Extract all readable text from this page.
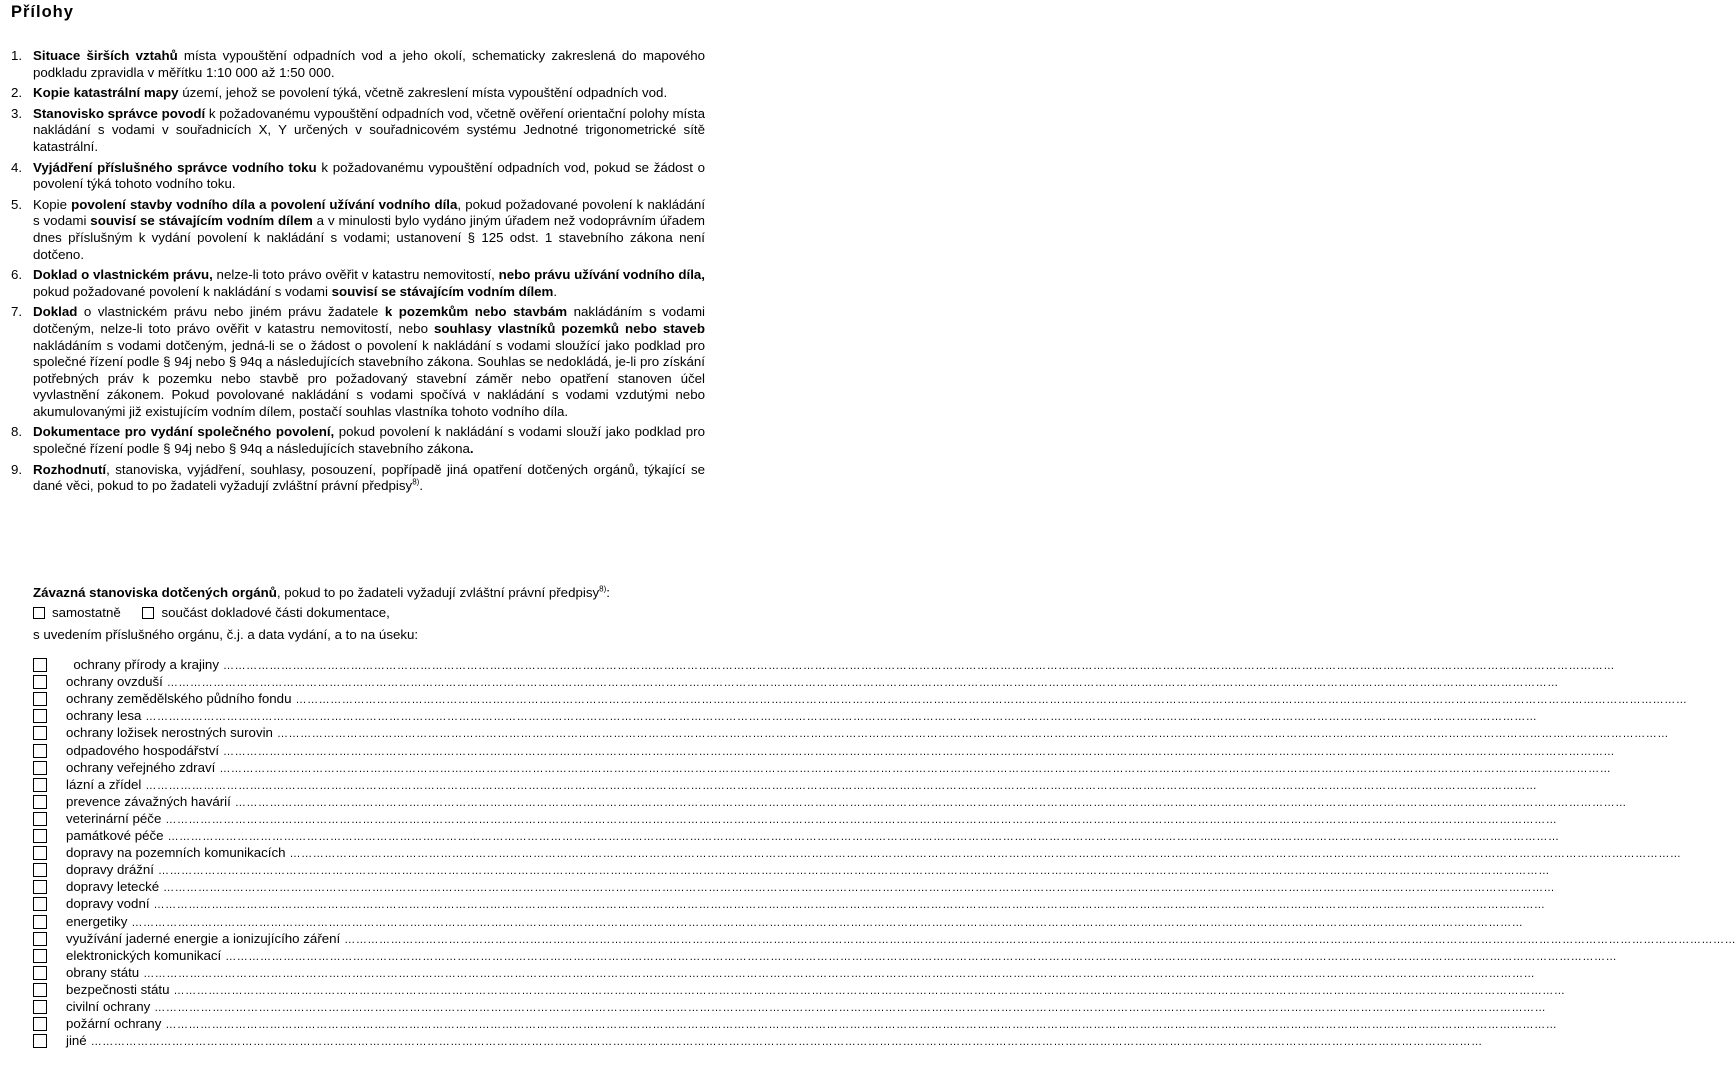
Přílohy
1. Situace širších vztahů místa vypouštění odpadních vod a jeho okolí, schematicky zakreslená do mapového podkladu zpravidla v měřítku 1:10 000 až 1:50 000.
2. Kopie katastrální mapy území, jehož se povolení týká, včetně zakreslení místa vypouštění odpadních vod.
3. Stanovisko správce povodí k požadovanému vypouštění odpadních vod, včetně ověření orientační polohy místa nakládání s vodami v souřadnicích X, Y určených v souřadnicovém systému Jednotné trigonometrické sítě katastrální.
4. Vyjádření příslušného správce vodního toku k požadovanému vypouštění odpadních vod, pokud se žádost o povolení týká tohoto vodního toku.
5. Kopie povolení stavby vodního díla a povolení užívání vodního díla, pokud požadované povolení k nakládání s vodami souvisí se stávajícím vodním dílem a v minulosti bylo vydáno jiným úřadem než vodoprávním úřadem dnes příslušným k vydání povolení k nakládání s vodami; ustanovení § 125 odst. 1 stavebního zákona není dotčeno.
6. Doklad o vlastnickém právu, nelze-li toto právo ověřit v katastru nemovitostí, nebo právu užívání vodního díla, pokud požadované povolení k nakládání s vodami souvisí se stávajícím vodním dílem.
7. Doklad o vlastnickém právu nebo jiném právu žadatele k pozemkům nebo stavbám nakládáním s vodami dotčeným, nelze-li toto právo ověřit v katastru nemovitostí, nebo souhlasy vlastníků pozemků nebo staveb nakládáním s vodami dotčeným, jedná-li se o žádost o povolení k nakládání s vodami sloužící jako podklad pro společné řízení podle § 94j nebo § 94q a následujících stavebního zákona. Souhlas se nedokládá, je-li pro získání potřebných práv k pozemku nebo stavbě pro požadovaný stavební záměr nebo opatření stanoven účel vyvlastnění zákonem. Pokud povolované nakládání s vodami spočívá v nakládání s vodami vzdutými nebo akumulovanými již existujícím vodním dílem, postačí souhlas vlastníka tohoto vodního díla.
8. Dokumentace pro vydání společného povolení, pokud povolení k nakládání s vodami slouží jako podklad pro společné řízení podle § 94j nebo § 94q a následujících stavebního zákona.
9. Rozhodnutí, stanoviska, vyjádření, souhlasy, posouzení, popřípadě jiná opatření dotčených orgánů, týkající se dané věci, pokud to po žadateli vyžadují zvláštní právní předpisy$^{8)}$.
Závazná stanoviska dotčených orgánů, pokud to po žadateli vyžadují zvláštní právní předpisy$^{8)}$:
samostatně
	součást dokladové části dokumentace,
s uvedením příslušného orgánu, č.j. a data vydání, a to na úseku:
ochrany přírody a krajiny ………………………………………………………………………………………………………………………………………………………………………………………………………………………………………………………………………………………………………………………………
ochrany ovzduší ………………………………………………………………………………………………………………………………………………………………………………………………………………………………………………………………………………………………………………………………
ochrany zemědělského půdního fondu ………………………………………………………………………………………………………………………………………………………………………………………………………………………………………………………………………………………………………………………………
ochrany lesa ………………………………………………………………………………………………………………………………………………………………………………………………………………………………………………………………………………………………………………………………
ochrany ložisek nerostných surovin ………………………………………………………………………………………………………………………………………………………………………………………………………………………………………………………………………………………………………………………………
odpadového hospodářství ………………………………………………………………………………………………………………………………………………………………………………………………………………………………………………………………………………………………………………………………
ochrany veřejného zdraví ………………………………………………………………………………………………………………………………………………………………………………………………………………………………………………………………………………………………………………………………
lázní a zřídel ………………………………………………………………………………………………………………………………………………………………………………………………………………………………………………………………………………………………………………………………
prevence závažných havárií ………………………………………………………………………………………………………………………………………………………………………………………………………………………………………………………………………………………………………………………………
veterinární péče ………………………………………………………………………………………………………………………………………………………………………………………………………………………………………………………………………………………………………………………………
památkové péče ………………………………………………………………………………………………………………………………………………………………………………………………………………………………………………………………………………………………………………………………
dopravy na pozemních komunikacích ………………………………………………………………………………………………………………………………………………………………………………………………………………………………………………………………………………………………………………………………
dopravy drážní ………………………………………………………………………………………………………………………………………………………………………………………………………………………………………………………………………………………………………………………………
dopravy letecké ………………………………………………………………………………………………………………………………………………………………………………………………………………………………………………………………………………………………………………………………
dopravy vodní ………………………………………………………………………………………………………………………………………………………………………………………………………………………………………………………………………………………………………………………………
energetiky ………………………………………………………………………………………………………………………………………………………………………………………………………………………………………………………………………………………………………………………………
využívání jaderné energie a ionizujícího záření ………………………………………………………………………………………………………………………………………………………………………………………………………………………………………………………………………………………………………………………………
elektronických komunikací ………………………………………………………………………………………………………………………………………………………………………………………………………………………………………………………………………………………………………………………………
obrany státu ………………………………………………………………………………………………………………………………………………………………………………………………………………………………………………………………………………………………………………………………
bezpečnosti státu ………………………………………………………………………………………………………………………………………………………………………………………………………………………………………………………………………………………………………………………………
civilní ochrany ………………………………………………………………………………………………………………………………………………………………………………………………………………………………………………………………………………………………………………………………
požární ochrany ………………………………………………………………………………………………………………………………………………………………………………………………………………………………………………………………………………………………………………………………
jiné ………………………………………………………………………………………………………………………………………………………………………………………………………………………………………………………………………………………………………………………………
